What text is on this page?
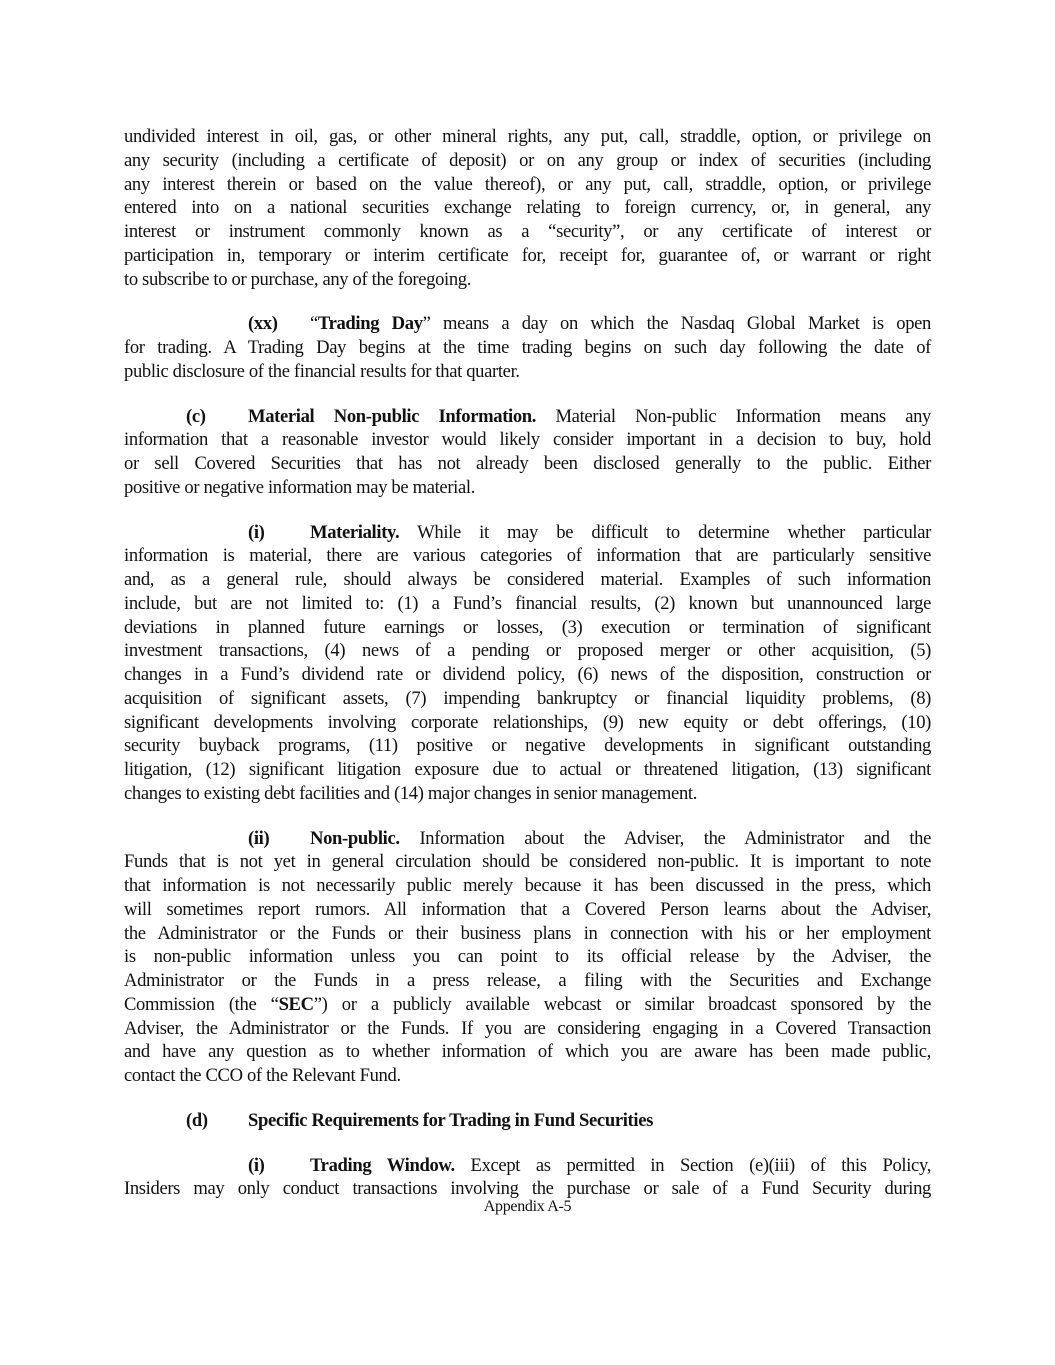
undivided interest in oil, gas, or other mineral rights, any put, call, straddle, option, or privilege on
any security (including a certificate of deposit) or on any group or index of securities (including
any interest therein or based on the value thereof), or any put, call, straddle, option, or privilege
entered into on a national securities exchange relating to foreign currency, or, in general, any
interest or instrument commonly known as a “security”, or any certificate of interest or
participation in, temporary or interim certificate for, receipt for, guarantee of, or warrant or right
to subscribe to or purchase, any of the foregoing.
(xx) “Trading Day” means a day on which the Nasdaq Global Market is open
for trading. A Trading Day begins at the time trading begins on such day following the date of
public disclosure of the financial results for that quarter.
(c) Material Non-public Information. Material Non-public Information means any
information that a reasonable investor would likely consider important in a decision to buy, hold
or sell Covered Securities that has not already been disclosed generally to the public. Either
positive or negative information may be material.
(i) Materiality. While it may be difficult to determine whether particular
information is material, there are various categories of information that are particularly sensitive
and, as a general rule, should always be considered material. Examples of such information
include, but are not limited to: (1) a Fund’s financial results, (2) known but unannounced large
deviations in planned future earnings or losses, (3) execution or termination of significant
investment transactions, (4) news of a pending or proposed merger or other acquisition, (5)
changes in a Fund’s dividend rate or dividend policy, (6) news of the disposition, construction or
acquisition of significant assets, (7) impending bankruptcy or financial liquidity problems, (8)
significant developments involving corporate relationships, (9) new equity or debt offerings, (10)
security buyback programs, (11) positive or negative developments in significant outstanding
litigation, (12) significant litigation exposure due to actual or threatened litigation, (13) significant
changes to existing debt facilities and (14) major changes in senior management.
(ii) Non-public. Information about the Adviser, the Administrator and the
Funds that is not yet in general circulation should be considered non-public. It is important to note
that information is not necessarily public merely because it has been discussed in the press, which
will sometimes report rumors. All information that a Covered Person learns about the Adviser,
the Administrator or the Funds or their business plans in connection with his or her employment
is non-public information unless you can point to its official release by the Adviser, the
Administrator or the Funds in a press release, a filing with the Securities and Exchange
Commission (the “SEC”) or a publicly available webcast or similar broadcast sponsored by the
Adviser, the Administrator or the Funds. If you are considering engaging in a Covered Transaction
and have any question as to whether information of which you are aware has been made public,
contact the CCO of the Relevant Fund.
(d) Specific Requirements for Trading in Fund Securities
(i) Trading Window. Except as permitted in Section (e)(iii) of this Policy,
Insiders may only conduct transactions involving the purchase or sale of a Fund Security during
Appendix A-5
